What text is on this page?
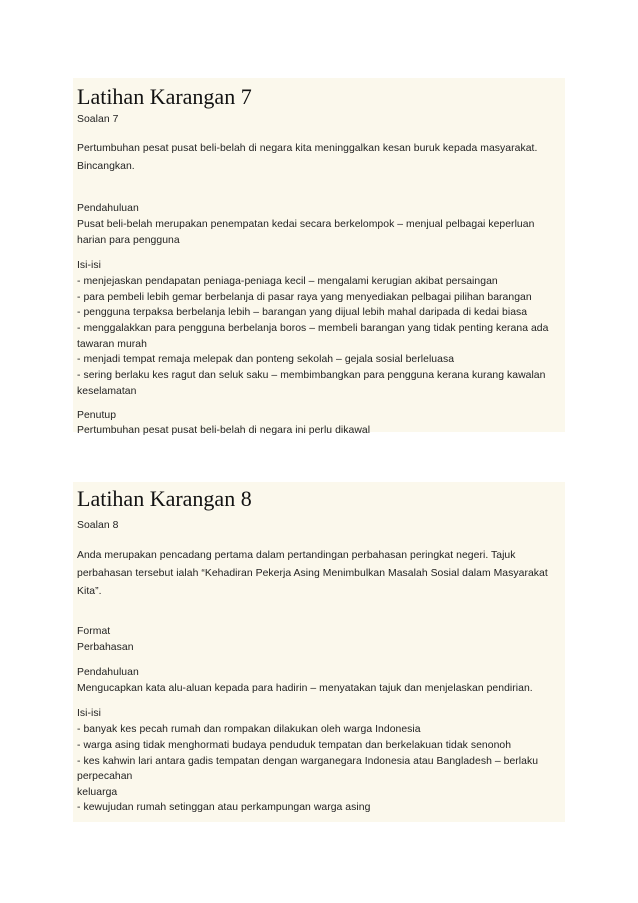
Latihan Karangan 7
Soalan 7
Pertumbuhan pesat pusat beli-belah di negara kita meninggalkan kesan buruk kepada masyarakat.
Bincangkan.
Pendahuluan
Pusat beli-belah merupakan penempatan kedai secara berkelompok – menjual pelbagai keperluan
harian para pengguna
Isi-isi
- menjejaskan pendapatan peniaga-peniaga kecil – mengalami kerugian akibat persaingan
- para pembeli lebih gemar berbelanja di pasar raya yang menyediakan pelbagai pilihan barangan
- pengguna terpaksa berbelanja lebih – barangan yang dijual lebih mahal daripada di kedai biasa
- menggalakkan para pengguna berbelanja boros – membeli barangan yang tidak penting kerana ada
tawaran murah
- menjadi tempat remaja melepak dan ponteng sekolah – gejala sosial berleluasa
- sering berlaku kes ragut dan seluk saku – membimbangkan para pengguna kerana kurang kawalan
keselamatan
Penutup
Pertumbuhan pesat pusat beli-belah di negara ini perlu dikawal
Latihan Karangan 8
Soalan 8
Anda merupakan pencadang pertama dalam pertandingan perbahasan peringkat negeri. Tajuk
perbahasan tersebut ialah “Kehadiran Pekerja Asing Menimbulkan Masalah Sosial dalam Masyarakat
Kita”.
Format
Perbahasan
Pendahuluan
Mengucapkan kata alu-aluan kepada para hadirin – menyatakan tajuk dan menjelaskan pendirian.
Isi-isi
- banyak kes pecah rumah dan rompakan dilakukan oleh warga Indonesia
- warga asing tidak menghormati budaya penduduk tempatan dan berkelakuan tidak senonoh
- kes kahwin lari antara gadis tempatan dengan warganegara Indonesia atau Bangladesh – berlaku
perpecahan
keluarga
- kewujudan rumah setinggan atau perkampungan warga asing
